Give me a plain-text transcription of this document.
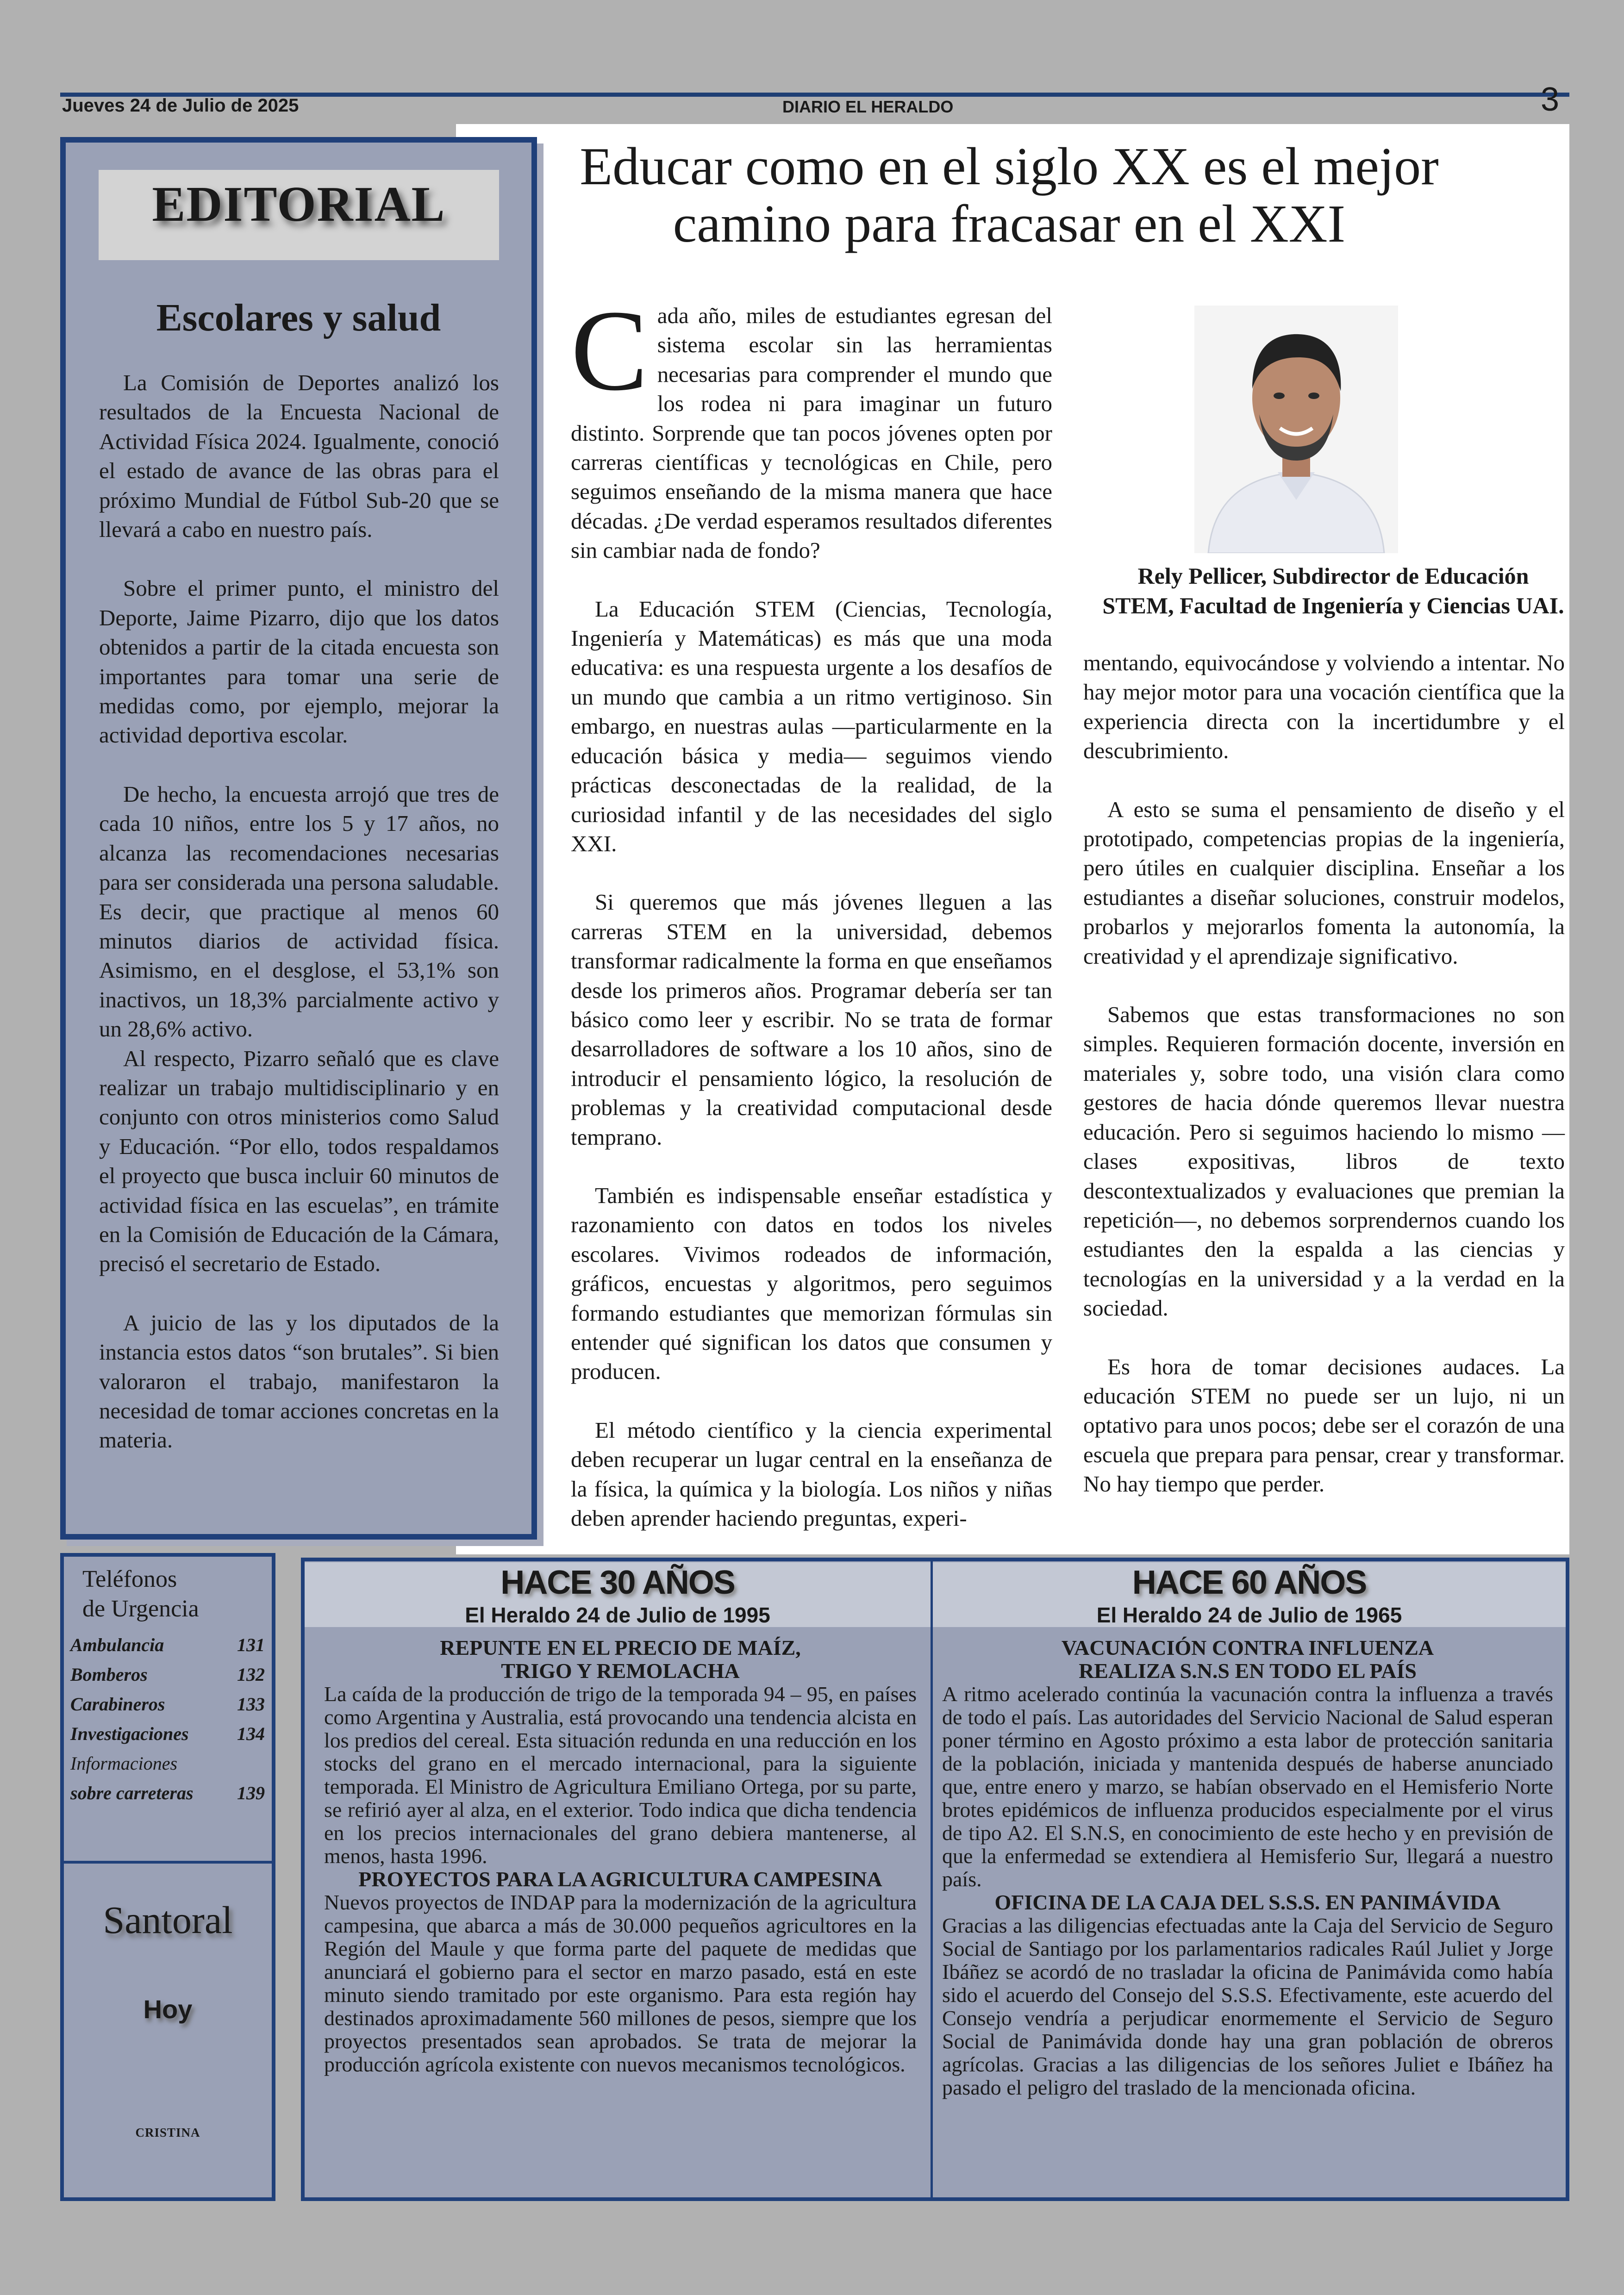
Jueves 24 de Julio de 2025	DIARIO EL HERALDO	3
EDITORIAL
Escolares y salud

La Comisión de Deportes analizó los resultados de la Encuesta Nacional de Actividad Física 2024. Igualmente, conoció el estado de avance de las obras para el próximo Mundial de Fútbol Sub-20 que se llevará a cabo en nuestro país.

Sobre el primer punto, el ministro del Deporte, Jaime Pizarro, dijo que los datos obtenidos a partir de la citada encuesta son importantes para tomar una serie de medidas como, por ejemplo, mejorar la actividad deportiva escolar.

De hecho, la encuesta arrojó que tres de cada 10 niños, entre los 5 y 17 años, no alcanza las recomendaciones necesarias para ser considerada una persona saludable. Es decir, que practique al menos 60 minutos diarios de actividad física. Asimismo, en el desglose, el 53,1% son inactivos, un 18,3% parcialmente activo y un 28,6% activo.

Al respecto, Pizarro señaló que es clave realizar un trabajo multidisciplinario y en conjunto con otros ministerios como Salud y Educación. “Por ello, todos respaldamos el proyecto que busca incluir 60 minutos de actividad física en las escuelas”, en trámite en la Comisión de Educación de la Cámara, precisó el secretario de Estado.

A juicio de las y los diputados de la instancia estos datos “son brutales”. Si bien valoraron el trabajo, manifestaron la necesidad de tomar acciones concretas en la materia.

Educar como en el siglo XX es el mejor camino para fracasar en el XXI

Cada año, miles de estudiantes egresan del sistema escolar sin las herramientas necesarias para comprender el mundo que los rodea ni para imaginar un futuro distinto. Sorprende que tan pocos jóvenes opten por carreras científicas y tecnológicas en Chile, pero seguimos enseñando de la misma manera que hace décadas. ¿De verdad esperamos resultados diferentes sin cambiar nada de fondo?

La Educación STEM (Ciencias, Tecnología, Ingeniería y Matemáticas) es más que una moda educativa: es una respuesta urgente a los desafíos de un mundo que cambia a un ritmo vertiginoso. Sin embargo, en nuestras aulas —particularmente en la educación básica y media— seguimos viendo prácticas desconectadas de la realidad, de la curiosidad infantil y de las necesidades del siglo XXI.

Si queremos que más jóvenes lleguen a las carreras STEM en la universidad, debemos transformar radicalmente la forma en que enseñamos desde los primeros años. Programar debería ser tan básico como leer y escribir. No se trata de formar desarrolladores de software a los 10 años, sino de introducir el pensamiento lógico, la resolución de problemas y la creatividad computacional desde temprano.

También es indispensable enseñar estadística y razonamiento con datos en todos los niveles escolares. Vivimos rodeados de información, gráficos, encuestas y algoritmos, pero seguimos formando estudiantes que memorizan fórmulas sin entender qué significan los datos que consumen y producen.

El método científico y la ciencia experimental deben recuperar un lugar central en la enseñanza de la física, la química y la biología. Los niños y niñas deben aprender haciendo preguntas, experi-

Rely Pellicer, Subdirector de Educación STEM, Facultad de Ingeniería y Ciencias UAI.

mentando, equivocándose y volviendo a intentar. No hay mejor motor para una vocación científica que la experiencia directa con la incertidumbre y el descubrimiento.

A esto se suma el pensamiento de diseño y el prototipado, competencias propias de la ingeniería, pero útiles en cualquier disciplina. Enseñar a los estudiantes a diseñar soluciones, construir modelos, probarlos y mejorarlos fomenta la autonomía, la creatividad y el aprendizaje significativo.

Sabemos que estas transformaciones no son simples. Requieren formación docente, inversión en materiales y, sobre todo, una visión clara como gestores de hacia dónde queremos llevar nuestra educación. Pero si seguimos haciendo lo mismo —clases expositivas, libros de texto descontextualizados y evaluaciones que premian la repetición—, no debemos sorprendernos cuando los estudiantes den la espalda a las ciencias y tecnologías en la universidad y a la verdad en la sociedad.

Es hora de tomar decisiones audaces. La educación STEM no puede ser un lujo, ni un optativo para unos pocos; debe ser el corazón de una escuela que prepara para pensar, crear y transformar. No hay tiempo que perder.

Teléfonos
de Urgencia
Ambulancia	131
Bomberos	132
Carabineros	133
Investigaciones	134
Informaciones
sobre carreteras 139
Santoral
Hoy
CRISTINA
HACE 30 AÑOS
El Heraldo 24 de Julio de 1995
HACE 60 AÑOS
El Heraldo 24 de Julio de 1965
REPUNTE EN EL PRECIO DE MAÍZ, TRIGO Y REMOLACHA

La caída de la producción de trigo de la temporada 94 – 95, en países como Argentina y Australia, está provocando una tendencia alcista en los predios del cereal. Esta situación redunda en una reducción en los stocks del grano en el mercado internacional, para la siguiente temporada. El Ministro de Agricultura Emiliano Ortega, por su parte, se refirió ayer al alza, en el exterior. Todo indica que dicha tendencia en los precios internacionales del grano debiera mantenerse, al menos, hasta 1996.

PROYECTOS PARA LA AGRICULTURA CAMPESINA

Nuevos proyectos de INDAP para la modernización de la agricultura campesina, que abarca a más de 30.000 pequeños agricultores en la Región del Maule y que forma parte del paquete de medidas que anunciará el gobierno para el sector en marzo pasado, está en este minuto siendo tramitado por este organismo. Para esta región hay destinados aproximadamente 560 millones de pesos, siempre que los proyectos presentados sean aprobados. Se trata de mejorar la producción agrícola existente con nuevos mecanismos tecnológicos.

VACUNACIÓN CONTRA INFLUENZA REALIZA S.N.S EN TODO EL PAÍS

A ritmo acelerado continúa la vacunación contra la influenza a través de todo el país. Las autoridades del Servicio Nacional de Salud esperan poner término en Agosto próximo a esta labor de protección sanitaria de la población, iniciada y mantenida después de haberse anunciado que, entre enero y marzo, se habían observado en el Hemisferio Norte brotes epidémicos de influenza producidos especialmente por el virus de tipo A2. El S.N.S, en conocimiento de este hecho y en previsión de que la enfermedad se extendiera al Hemisferio Sur, llegará a nuestro país.

OFICINA DE LA CAJA DEL S.S.S. EN PANIMÁVIDA

Gracias a las diligencias efectuadas ante la Caja del Servicio de Seguro Social de Santiago por los parlamentarios radicales Raúl Juliet y Jorge Ibáñez se acordó de no trasladar la oficina de Panimávida como había sido el acuerdo del Consejo del S.S.S. Efectivamente, este acuerdo del Consejo vendría a perjudicar enormemente el Servicio de Seguro Social de Panimávida donde hay una gran población de obreros agrícolas. Gracias a las diligencias de los señores Juliet e Ibáñez ha pasado el peligro del traslado de la mencionada oficina.
